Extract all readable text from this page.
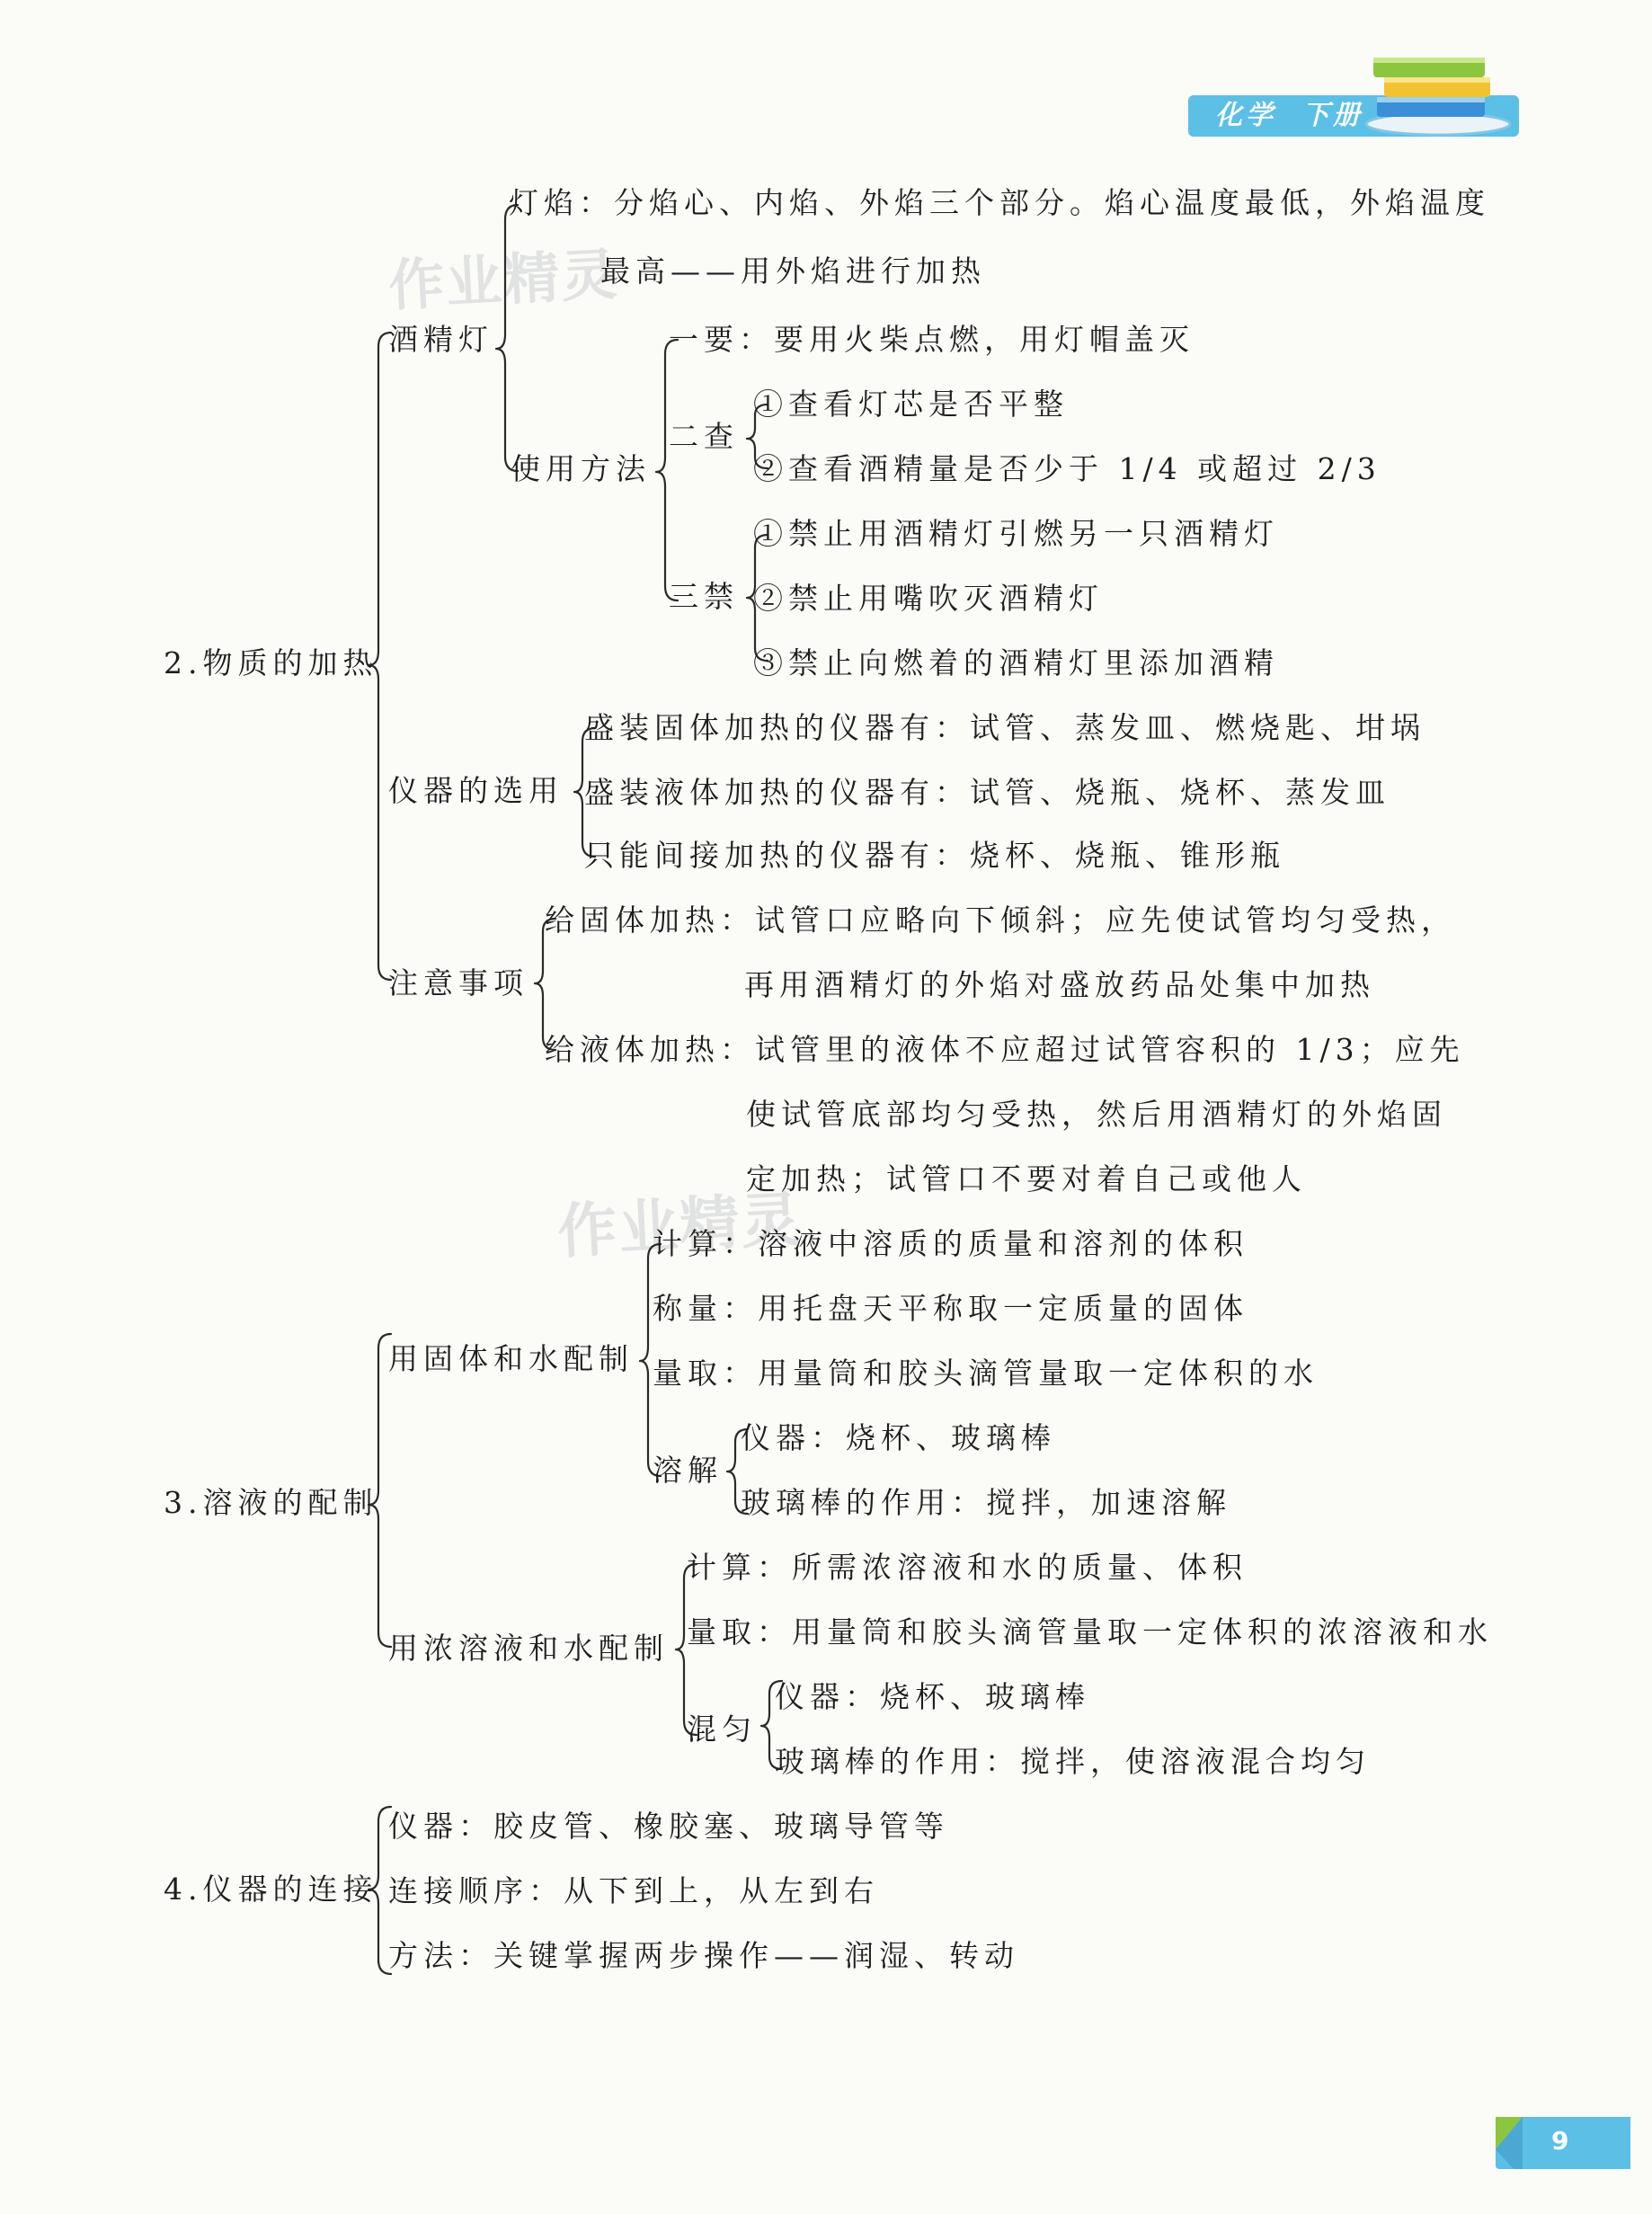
化学 下册
作业精灵
作业精灵
2.物质的加热
酒精灯
灯焰：分焰心、内焰、外焰三个部分。焰心温度最低，外焰温度
最高——用外焰进行加热
使用方法
一要：要用火柴点燃，用灯帽盖灭
二查
①查看灯芯是否平整
②查看酒精量是否少于 1/4 或超过 2/3
三禁
①禁止用酒精灯引燃另一只酒精灯
②禁止用嘴吹灭酒精灯
③禁止向燃着的酒精灯里添加酒精
仪器的选用
盛装固体加热的仪器有：试管、蒸发皿、燃烧匙、坩埚
盛装液体加热的仪器有：试管、烧瓶、烧杯、蒸发皿
只能间接加热的仪器有：烧杯、烧瓶、锥形瓶
注意事项
给固体加热：试管口应略向下倾斜；应先使试管均匀受热，
再用酒精灯的外焰对盛放药品处集中加热
给液体加热：试管里的液体不应超过试管容积的 1/3；应先
使试管底部均匀受热，然后用酒精灯的外焰固
定加热；试管口不要对着自己或他人
3.溶液的配制
用固体和水配制
计算：溶液中溶质的质量和溶剂的体积
称量：用托盘天平称取一定质量的固体
量取：用量筒和胶头滴管量取一定体积的水
溶解
仪器：烧杯、玻璃棒
玻璃棒的作用：搅拌，加速溶解
用浓溶液和水配制
计算：所需浓溶液和水的质量、体积
量取：用量筒和胶头滴管量取一定体积的浓溶液和水
混匀
仪器：烧杯、玻璃棒
玻璃棒的作用：搅拌，使溶液混合均匀
4.仪器的连接
仪器：胶皮管、橡胶塞、玻璃导管等
连接顺序：从下到上，从左到右
方法：关键掌握两步操作——润湿、转动
9
